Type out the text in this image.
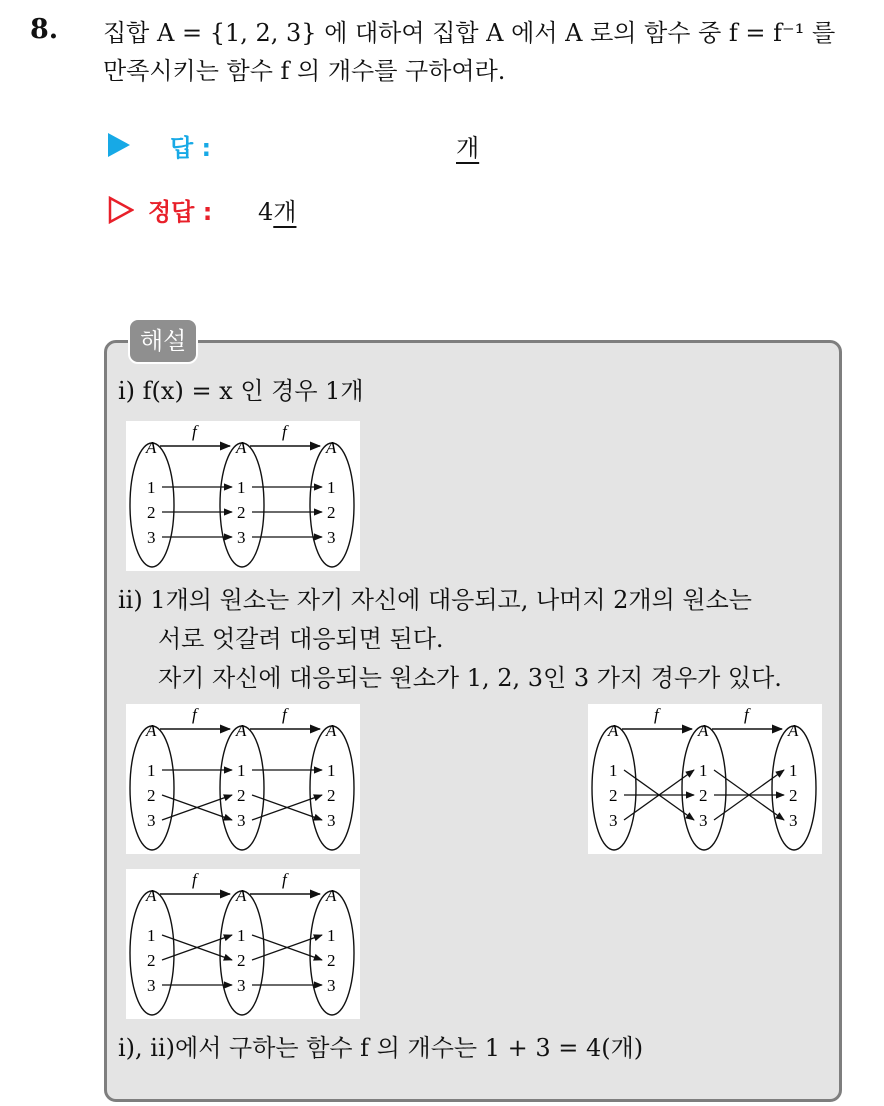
8. 집합 A = {1, 2, 3} 에 대하여 집합 A 에서 A 로의 함수 중 f = f⁻¹ 를
만족시키는 함수 f 의 개수를 구하여라.
답 :	개
정답 : 4개
해설
i) f(x) = x 인 경우 1개
A
1
2
3
A
1
2
3
A
1
2
3
f	f
ii) 1개의 원소는 자기 자신에 대응되고, 나머지 2개의 원소는
서로 엇갈려 대응되면 된다.
자기 자신에 대응되는 원소가 1, 2, 3인 3 가지 경우가 있다.
A
1
2
3
A
1
2
3
A
1
2
3
f	f
A
1
2
3
A
1
2
3
A
1
2
3
f	f
A
1
2
3
A
1
2
3
A
1
2
3
f	f
i), ii)에서 구하는 함수 f 의 개수는 1 + 3 = 4(개)
